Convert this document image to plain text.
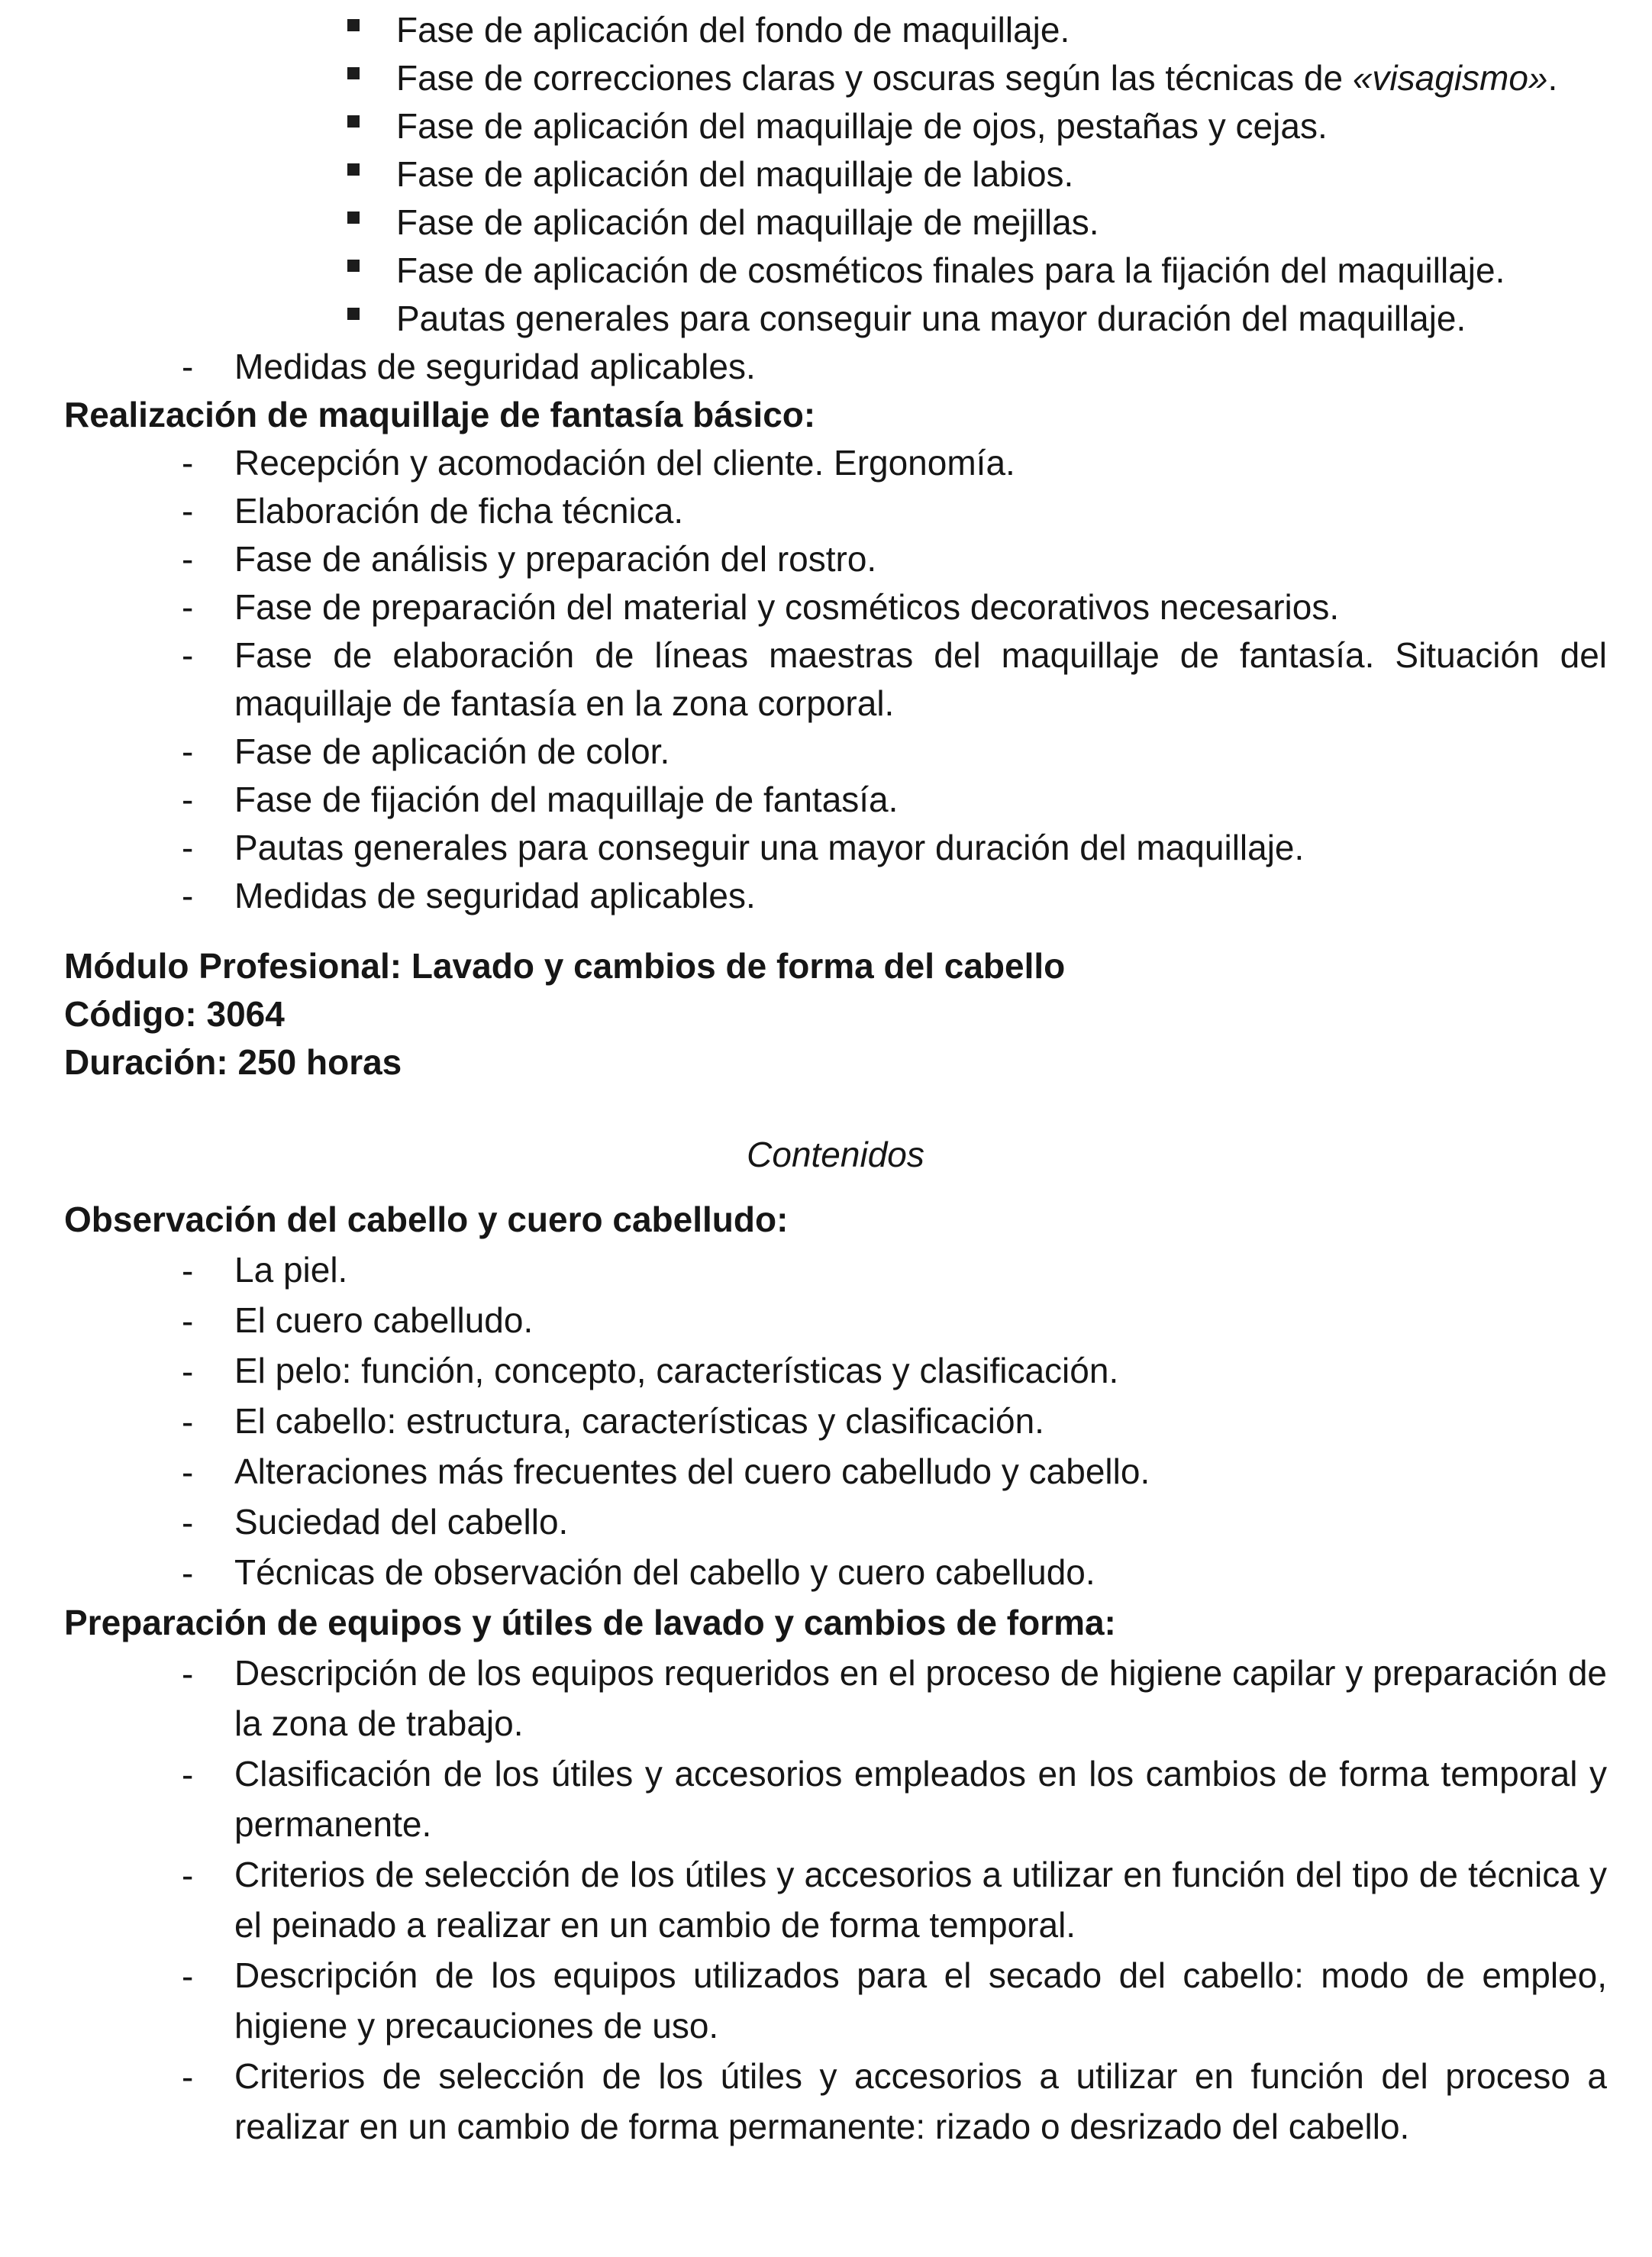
Fase de aplicación del fondo de maquillaje.
Fase de correcciones claras y oscuras según las técnicas de «visagismo».
Fase de aplicación del maquillaje de ojos, pestañas y cejas.
Fase de aplicación del maquillaje de labios.
Fase de aplicación del maquillaje de mejillas.
Fase de aplicación de cosméticos finales para la fijación del maquillaje.
Pautas generales para conseguir una mayor duración del maquillaje.
- Medidas de seguridad aplicables.
Realización de maquillaje de fantasía básico:
- Recepción y acomodación del cliente. Ergonomía.
- Elaboración de ficha técnica.
- Fase de análisis y preparación del rostro.
- Fase de preparación del material y cosméticos decorativos necesarios.
- Fase de elaboración de líneas maestras del maquillaje de fantasía. Situación del maquillaje de fantasía en la zona corporal.
- Fase de aplicación de color.
- Fase de fijación del maquillaje de fantasía.
- Pautas generales para conseguir una mayor duración del maquillaje.
- Medidas de seguridad aplicables.
Módulo Profesional: Lavado y cambios de forma del cabello
Código: 3064
Duración: 250 horas
Contenidos
Observación del cabello y cuero cabelludo:
- La piel.
- El cuero cabelludo.
- El pelo: función, concepto, características y clasificación.
- El cabello: estructura, características y clasificación.
- Alteraciones más frecuentes del cuero cabelludo y cabello.
- Suciedad del cabello.
- Técnicas de observación del cabello y cuero cabelludo.
Preparación de equipos y útiles de lavado y cambios de forma:
- Descripción de los equipos requeridos en el proceso de higiene capilar y preparación de la zona de trabajo.
- Clasificación de los útiles y accesorios empleados en los cambios de forma temporal y permanente.
- Criterios de selección de los útiles y accesorios a utilizar en función del tipo de técnica y el peinado a realizar en un cambio de forma temporal.
- Descripción de los equipos utilizados para el secado del cabello: modo de empleo, higiene y precauciones de uso.
- Criterios de selección de los útiles y accesorios a utilizar en función del proceso a realizar en un cambio de forma permanente: rizado o desrizado del cabello.
